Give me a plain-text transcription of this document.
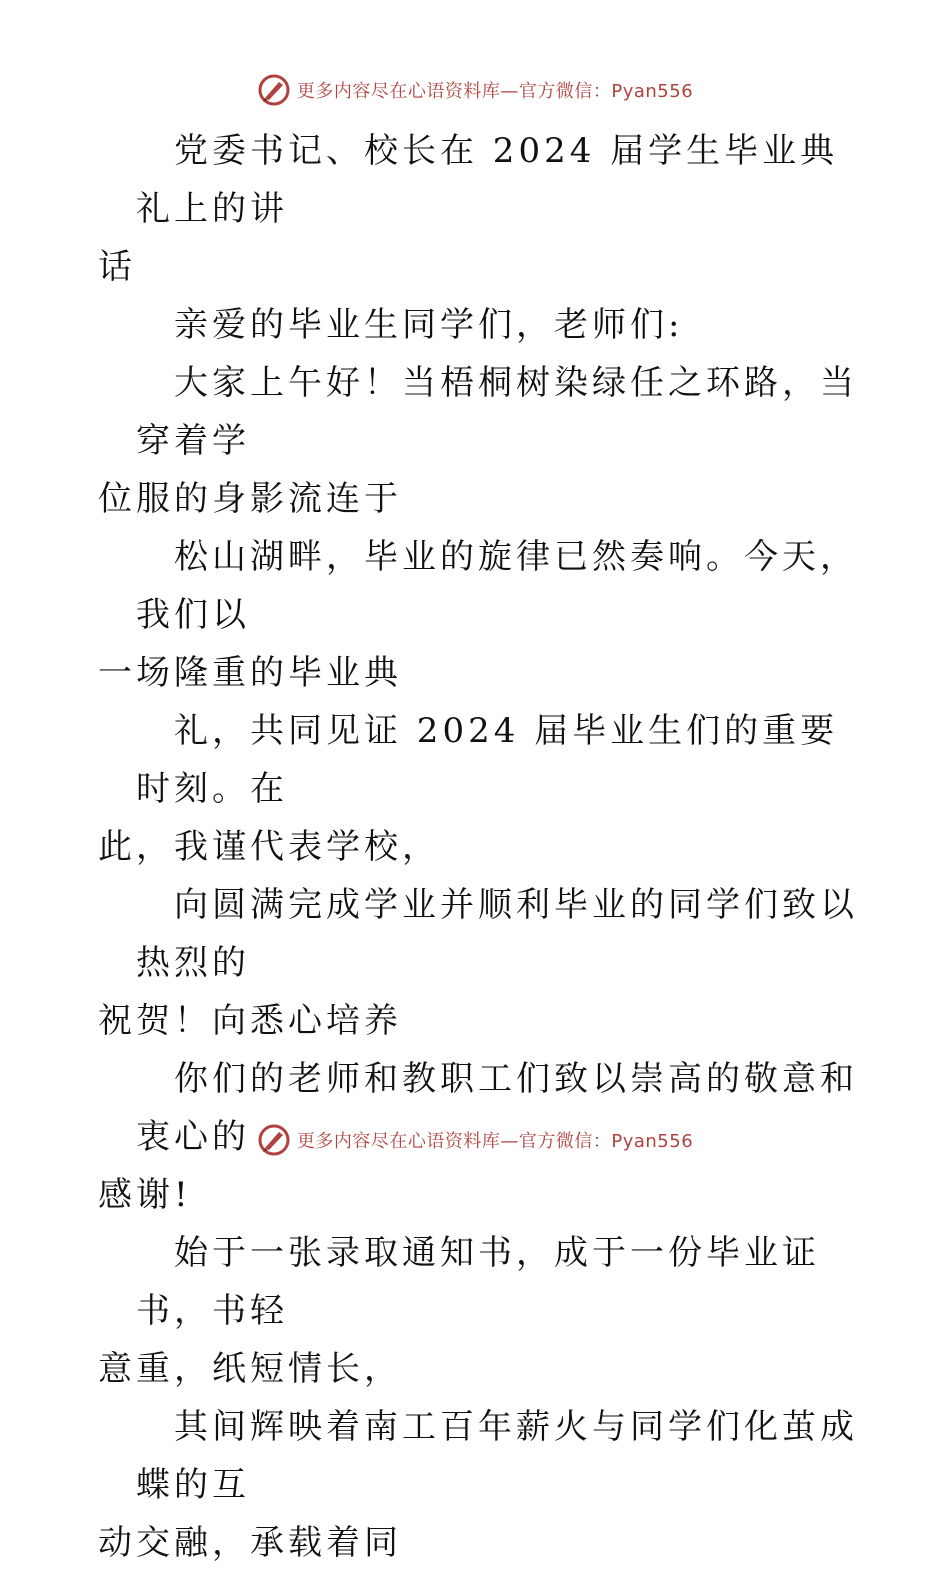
更多内容尽在心语资料库—官方微信：Pyan556
党委书记、校长在 2024 届学生毕业典礼上的讲
话
亲爱的毕业生同学们，老师们:
大家上午好！当梧桐树染绿任之环路，当穿着学
位服的身影流连于
松山湖畔，毕业的旋律已然奏响。今天，我们以
一场隆重的毕业典
礼，共同见证 2024 届毕业生们的重要时刻。在
此，我谨代表学校，
向圆满完成学业并顺利毕业的同学们致以热烈的
祝贺！向悉心培养
你们的老师和教职工们致以崇高的敬意和衷心的
感谢!
始于一张录取通知书，成于一份毕业证书，书轻
意重，纸短情长，
其间辉映着南工百年薪火与同学们化茧成蝶的互
动交融，承载着同
更多内容尽在心语资料库—官方微信：Pyan556
